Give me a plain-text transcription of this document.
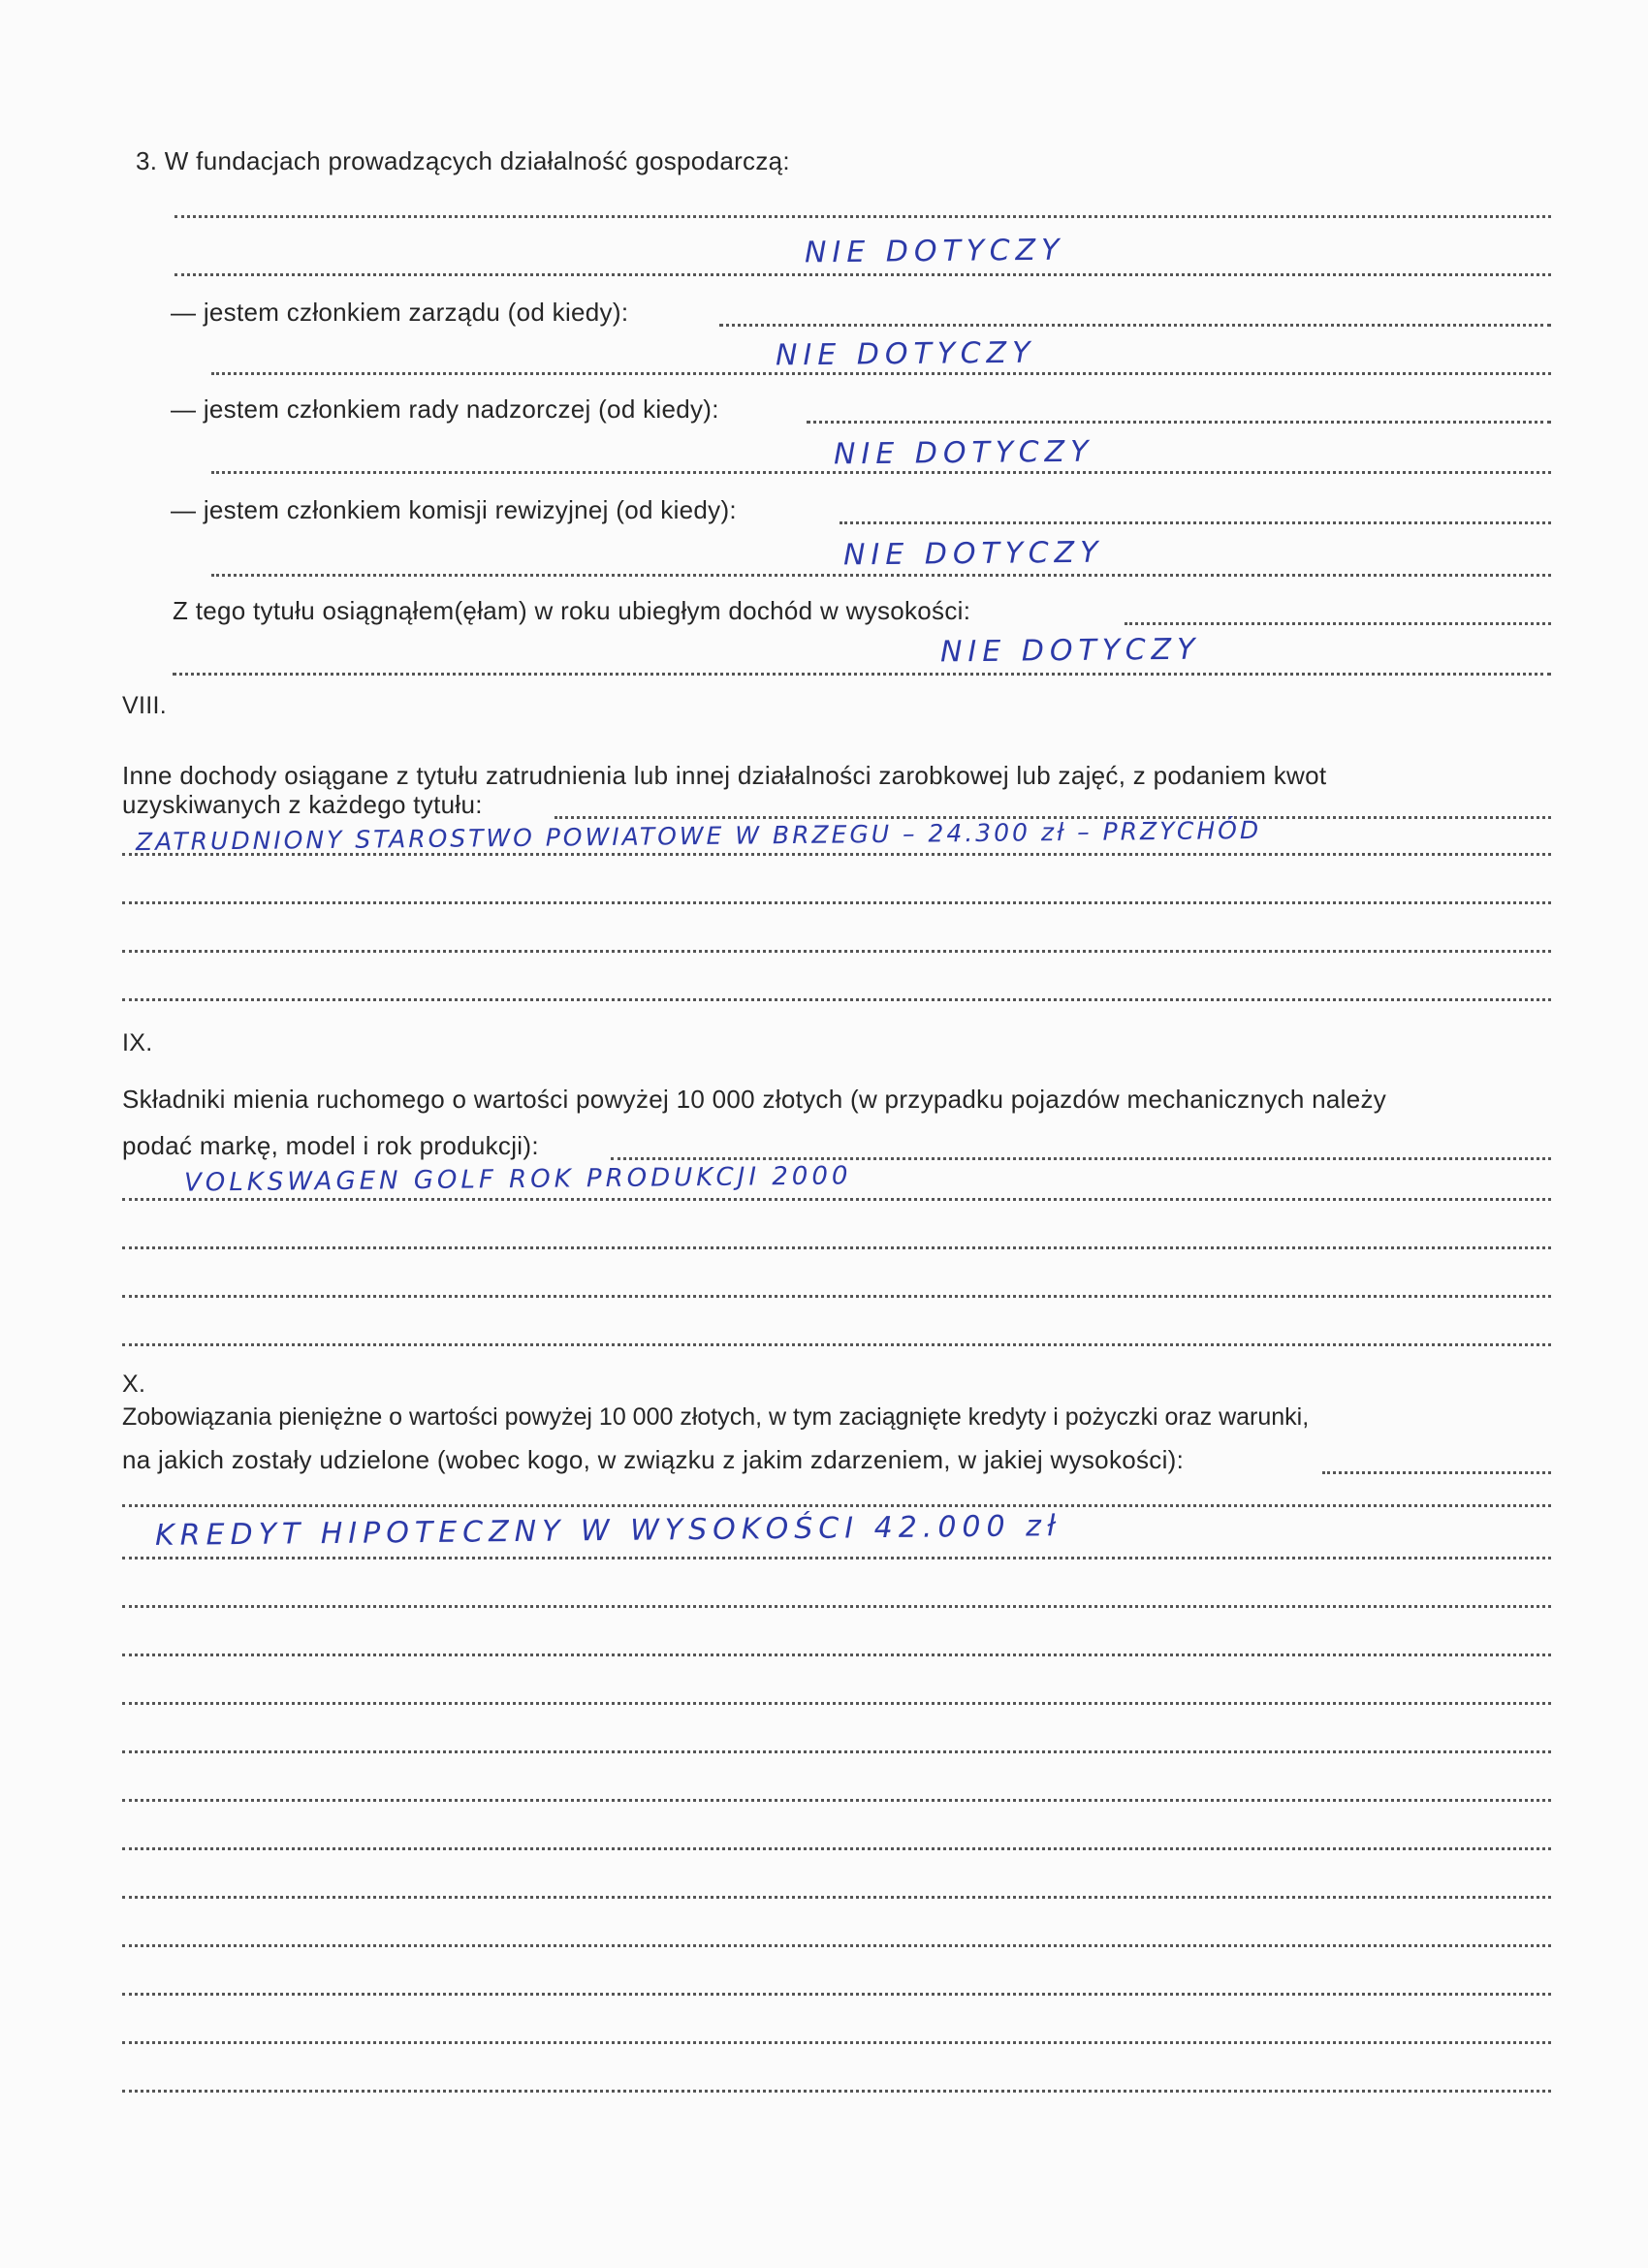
3. W fundacjach prowadzących działalność gospodarczą:
NIE DOTYCZY
— jestem członkiem zarządu (od kiedy):
NIE DOTYCZY
— jestem członkiem rady nadzorczej (od kiedy):
NIE DOTYCZY
— jestem członkiem komisji rewizyjnej (od kiedy):
NIE DOTYCZY
Z tego tytułu osiągnąłem(ęłam) w roku ubiegłym dochód w wysokości:
NIE DOTYCZY
VIII.
Inne dochody osiągane z tytułu zatrudnienia lub innej działalności zarobkowej lub zajęć, z podaniem kwot
uzyskiwanych z każdego tytułu:
ZATRUDNIONY STAROSTWO POWIATOWE W BRZEGU – 24.300 zł – PRZYCHÓD
IX.
Składniki mienia ruchomego o wartości powyżej 10 000 złotych (w przypadku pojazdów mechanicznych należy
podać markę, model i rok produkcji):
VOLKSWAGEN GOLF ROK PRODUKCJI 2000
X.
Zobowiązania pieniężne o wartości powyżej 10 000 złotych, w tym zaciągnięte kredyty i pożyczki oraz warunki,
na jakich zostały udzielone (wobec kogo, w związku z jakim zdarzeniem, w jakiej wysokości):
KREDYT HIPOTECZNY W WYSOKOŚCI 42.000 zł
